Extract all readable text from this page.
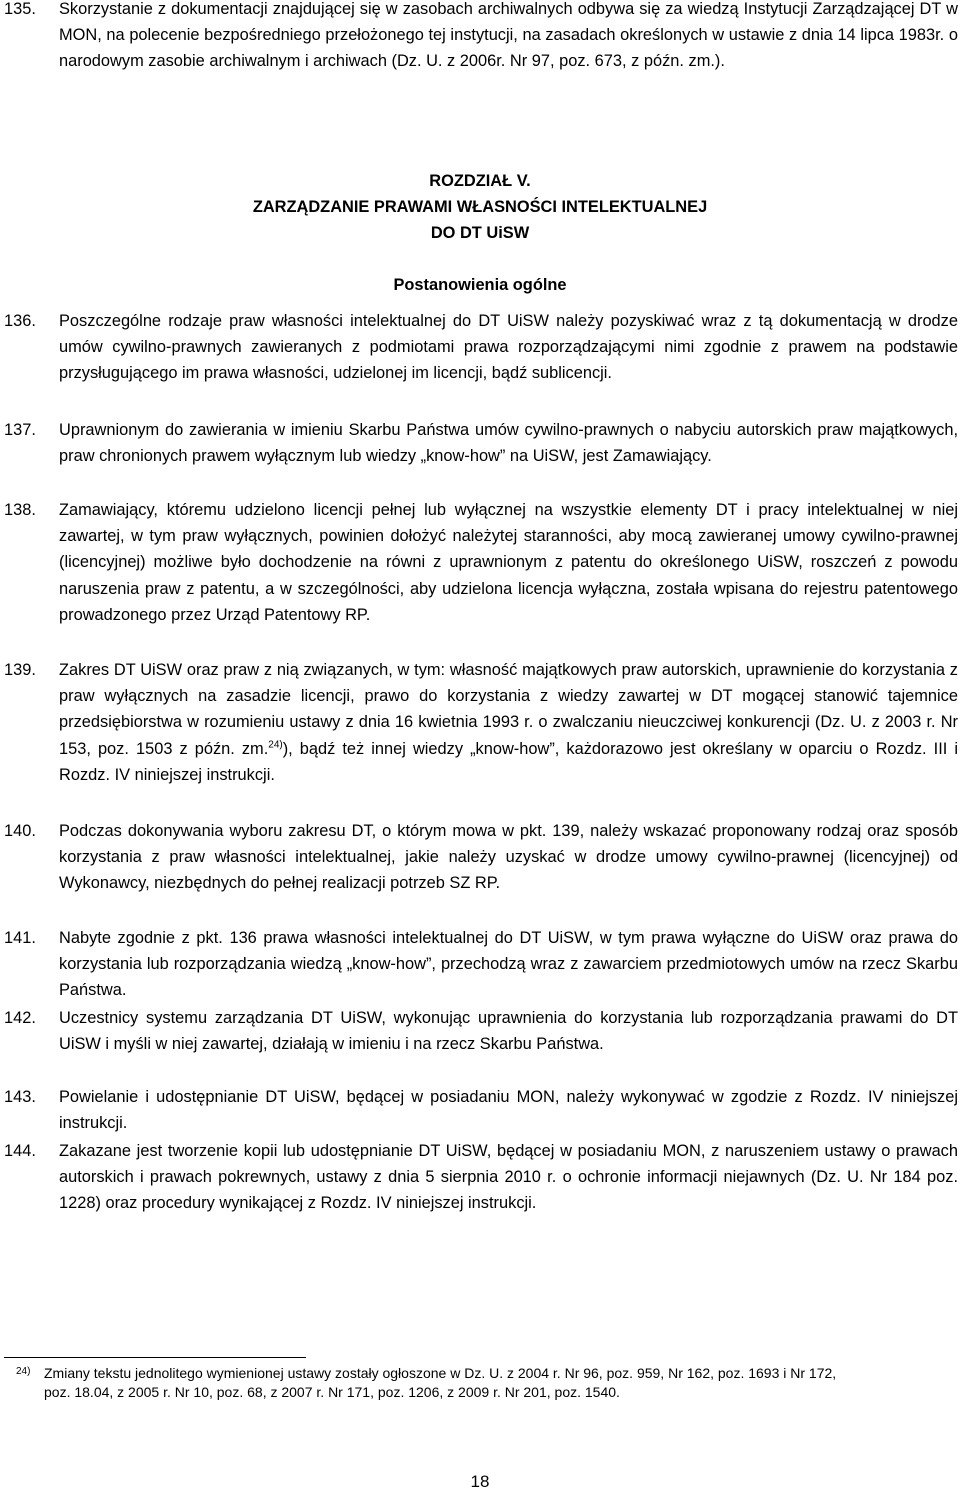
135. Skorzystanie z dokumentacji znajdującej się w zasobach archiwalnych odbywa się za wiedzą Instytucji Zarządzającej DT w MON, na polecenie bezpośredniego przełożonego tej instytucji, na zasadach określonych w ustawie z dnia 14 lipca 1983r. o narodowym zasobie archiwalnym i archiwach (Dz. U. z 2006r. Nr 97, poz. 673, z późn. zm.).
ROZDZIAŁ V.
ZARZĄDZANIE PRAWAMI WŁASNOŚCI INTELEKTUALNEJ
DO DT UiSW
Postanowienia ogólne
136. Poszczególne rodzaje praw własności intelektualnej do DT UiSW należy pozyskiwać wraz z tą dokumentacją w drodze umów cywilno-prawnych zawieranych z podmiotami prawa rozporządzającymi nimi zgodnie z prawem na podstawie przysługującego im prawa własności, udzielonej im licencji, bądź sublicencji.
137. Uprawnionym do zawierania w imieniu Skarbu Państwa umów cywilno-prawnych o nabyciu autorskich praw majątkowych, praw chronionych prawem wyłącznym lub wiedzy „know-how” na UiSW, jest Zamawiający.
138. Zamawiający, któremu udzielono licencji pełnej lub wyłącznej na wszystkie elementy DT i pracy intelektualnej w niej zawartej, w tym praw wyłącznych, powinien dołożyć należytej staranności, aby mocą zawieranej umowy cywilno-prawnej (licencyjnej) możliwe było dochodzenie na równi z uprawnionym z patentu do określonego UiSW, roszczeń z powodu naruszenia praw z patentu, a w szczególności, aby udzielona licencja wyłączna, została wpisana do rejestru patentowego prowadzonego przez Urząd Patentowy RP.
139. Zakres DT UiSW oraz praw z nią związanych, w tym: własność majątkowych praw autorskich, uprawnienie do korzystania z praw wyłącznych na zasadzie licencji, prawo do korzystania z wiedzy zawartej w DT mogącej stanowić tajemnice przedsiębiorstwa w rozumieniu ustawy z dnia 16 kwietnia 1993 r. o zwalczaniu nieuczciwej konkurencji (Dz. U. z 2003 r. Nr 153, poz. 1503 z późn. zm.$^{24)}$), bądź też innej wiedzy „know-how”, każdorazowo jest określany w oparciu o Rozdz. III i Rozdz. IV niniejszej instrukcji.
140. Podczas dokonywania wyboru zakresu DT, o którym mowa w pkt. 139, należy wskazać proponowany rodzaj oraz sposób korzystania z praw własności intelektualnej, jakie należy uzyskać w drodze umowy cywilno-prawnej (licencyjnej) od Wykonawcy, niezbędnych do pełnej realizacji potrzeb SZ RP.
141. Nabyte zgodnie z pkt. 136 prawa własności intelektualnej do DT UiSW, w tym prawa wyłączne do UiSW oraz prawa do korzystania lub rozporządzania wiedzą „know-how”, przechodzą wraz z zawarciem przedmiotowych umów na rzecz Skarbu Państwa.
142. Uczestnicy systemu zarządzania DT UiSW, wykonując uprawnienia do korzystania lub rozporządzania prawami do DT UiSW i myśli w niej zawartej, działają w imieniu i na rzecz Skarbu Państwa.
143. Powielanie i udostępnianie DT UiSW, będącej w posiadaniu MON, należy wykonywać w zgodzie z Rozdz. IV niniejszej instrukcji.
144. Zakazane jest tworzenie kopii lub udostępnianie DT UiSW, będącej w posiadaniu MON, z naruszeniem ustawy o prawach autorskich i prawach pokrewnych, ustawy z dnia 5 sierpnia 2010 r. o ochronie informacji niejawnych (Dz. U. Nr 184 poz. 1228) oraz procedury wynikającej z Rozdz. IV niniejszej instrukcji.
24) Zmiany tekstu jednolitego wymienionej ustawy zostały ogłoszone w Dz. U. z 2004 r. Nr 96, poz. 959, Nr 162, poz. 1693 i Nr 172,
poz. 18.04, z 2005 r. Nr 10, poz. 68, z 2007 r. Nr 171, poz. 1206, z 2009 r. Nr 201, poz. 1540.
18
